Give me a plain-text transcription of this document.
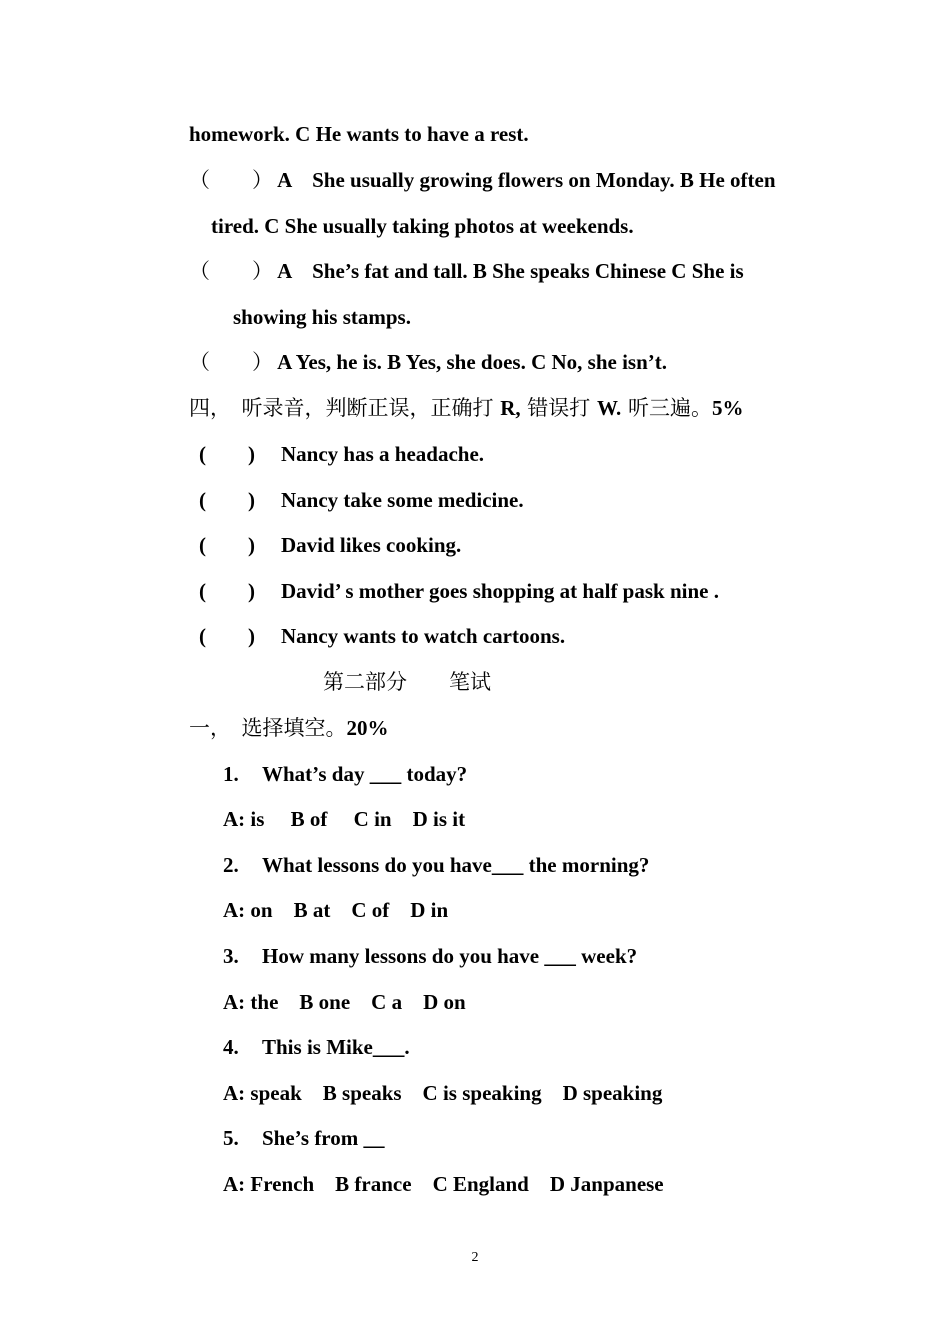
homework. C He wants to have a rest.
（　　） A　She usually growing flowers on Monday. B He often
tired. C She usually taking photos at weekends.
（　　） A　She’s fat and tall. B She speaks Chinese C She is
showing his stamps.
（　　） A Yes, he is. B Yes, she does. C No, she isn’t.
四，　听录音，判断正误，正确打 R, 错误打 W. 听三遍。5%
(　　) Nancy has a headache.
(　　) Nancy take some medicine.
(　　) David likes cooking.
(　　) David’ s mother goes shopping at half pask nine .
(　　) Nancy wants to watch cartoons.
第二部分　　笔试
一，　选择填空。20%
1. What’s day ___ today?
A: is　 B of　 C in　D is it
2. What lessons do you have___ the morning?
A: on　B at　C of　D in
3. How many lessons do you have ___ week?
A: the　B one　C a　D on
4. This is Mike___.
A: speak　B speaks　C is speaking　D speaking
5. She’s from __
A: French　B france　C England　D Janpanese
2
